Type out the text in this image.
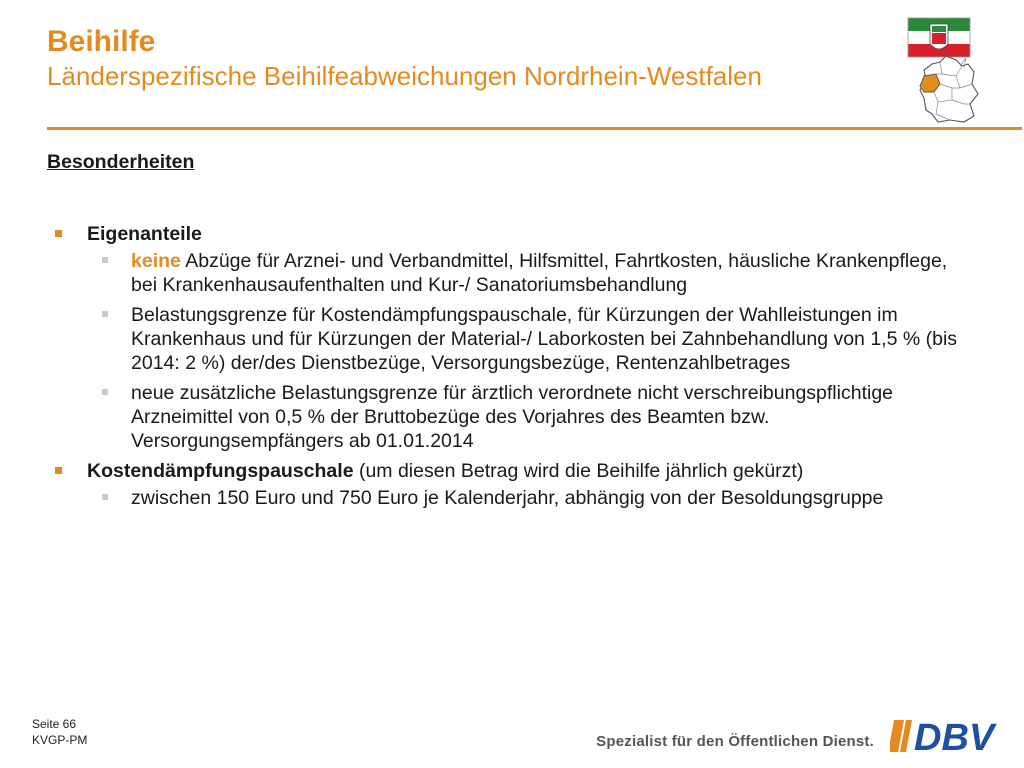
Beihilfe
Länderspezifische Beihilfeabweichungen Nordrhein-Westfalen
Besonderheiten
Eigenanteile
keine Abzüge für Arznei- und Verbandmittel, Hilfsmittel, Fahrtkosten, häusliche Krankenpflege, bei Krankenhausaufenthalten und Kur-/ Sanatoriumsbehandlung
Belastungsgrenze für Kostendämpfungspauschale, für Kürzungen der Wahlleistungen im Krankenhaus und für Kürzungen der Material-/ Laborkosten bei Zahnbehandlung von 1,5 % (bis 2014: 2 %) der/des Dienstbezüge, Versorgungsbezüge, Rentenzahlbetrages
neue zusätzliche Belastungsgrenze für ärztlich verordnete nicht verschreibungspflichtige Arzneimittel von 0,5 % der Bruttobezüge des Vorjahres des Beamten bzw. Versorgungsempfängers ab 01.01.2014
Kostendämpfungspauschale (um diesen Betrag wird die Beihilfe jährlich gekürzt)
zwischen 150 Euro und 750 Euro je Kalenderjahr, abhängig von der Besoldungsgruppe
Seite 66
KVGP-PM	Spezialist für den Öffentlichen Dienst. DBV
